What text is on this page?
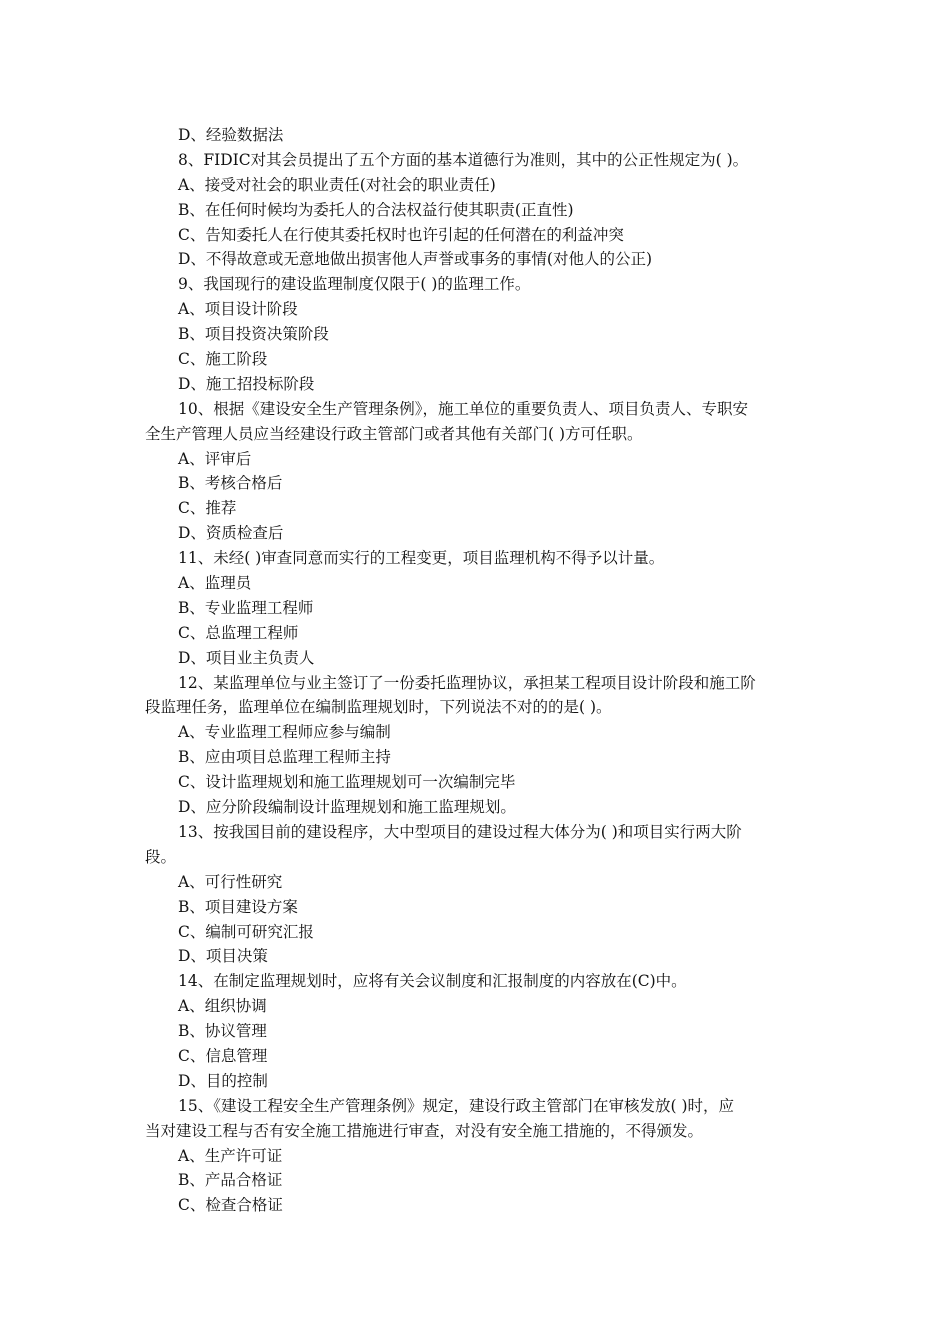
D、经验数据法
8、FIDIC对其会员提出了五个方面的基本道德行为准则，其中的公正性规定为( )。
A、接受对社会的职业责任(对社会的职业责任)
B、在任何时候均为委托人的合法权益行使其职责(正直性)
C、告知委托人在行使其委托权时也许引起的任何潜在的利益冲突
D、不得故意或无意地做出损害他人声誉或事务的事情(对他人的公正)
9、我国现行的建设监理制度仅限于( )的监理工作。
A、项目设计阶段
B、项目投资决策阶段
C、施工阶段
D、施工招投标阶段
10、根据《建设安全生产管理条例》，施工单位的重要负责人、项目负责人、专职安
全生产管理人员应当经建设行政主管部门或者其他有关部门( )方可任职。
A、评审后
B、考核合格后
C、推荐
D、资质检查后
11、未经( )审查同意而实行的工程变更，项目监理机构不得予以计量。
A、监理员
B、专业监理工程师
C、总监理工程师
D、项目业主负责人
12、某监理单位与业主签订了一份委托监理协议，承担某工程项目设计阶段和施工阶
段监理任务，监理单位在编制监理规划时，下列说法不对的的是( )。
A、专业监理工程师应参与编制
B、应由项目总监理工程师主持
C、设计监理规划和施工监理规划可一次编制完毕
D、应分阶段编制设计监理规划和施工监理规划。
13、按我国目前的建设程序，大中型项目的建设过程大体分为( )和项目实行两大阶
段。
A、可行性研究
B、项目建设方案
C、编制可研究汇报
D、项目决策
14、在制定监理规划时，应将有关会议制度和汇报制度的内容放在(C)中。
A、组织协调
B、协议管理
C、信息管理
D、目的控制
15、《建设工程安全生产管理条例》规定，建设行政主管部门在审核发放( )时，应
当对建设工程与否有安全施工措施进行审查，对没有安全施工措施的，不得颁发。
A、生产许可证
B、产品合格证
C、检查合格证
